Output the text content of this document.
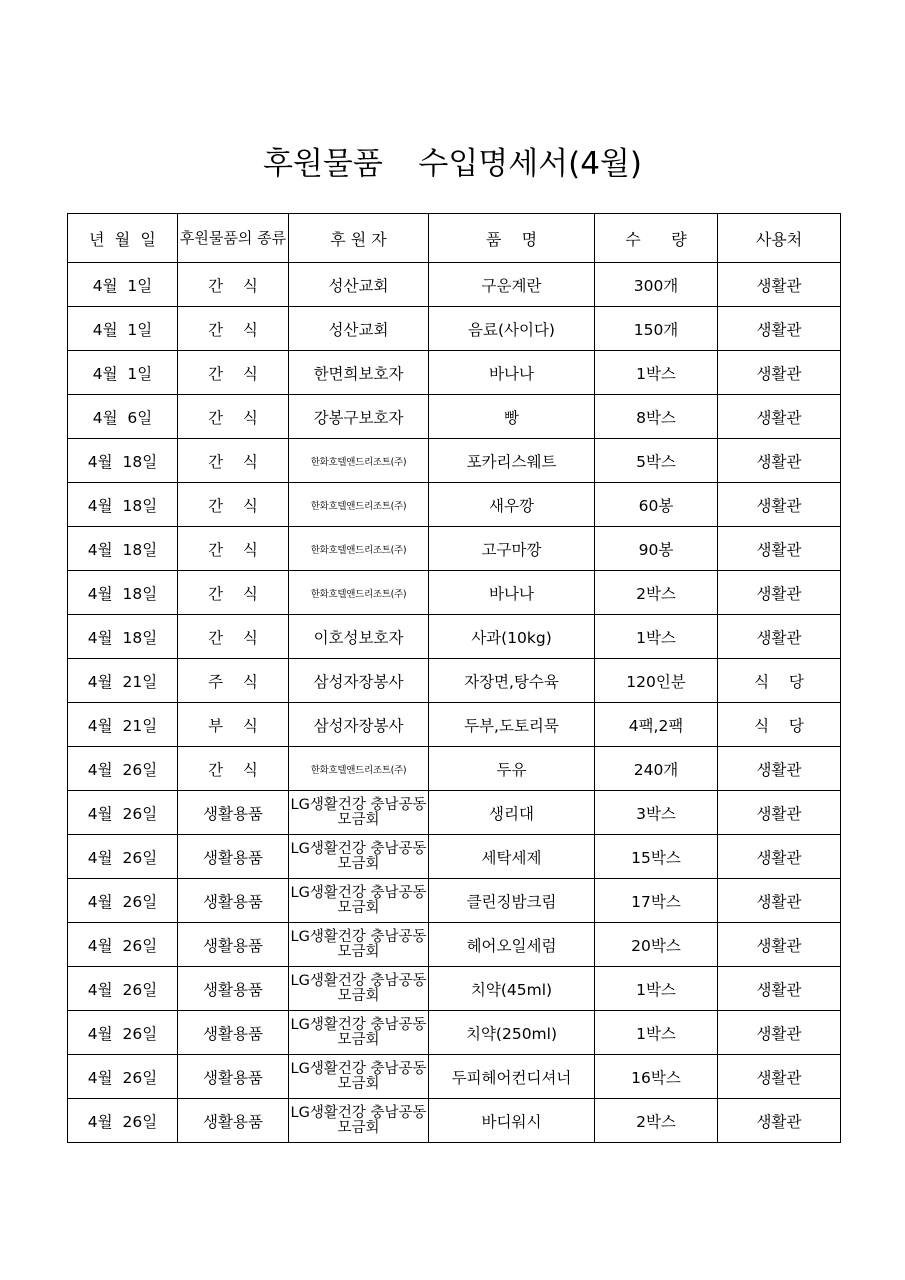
후원물품   수입명세서(4월)
년  월  일	후원물품의 종류	후 원 자	품    명	수      량	사용처
4월  1일	간    식	성산교회	구운계란	300개	생활관
4월  1일	간    식	성산교회	음료(사이다)	150개	생활관
4월  1일	간    식	한면희보호자	바나나	1박스	생활관
4월  6일	간    식	강봉구보호자	빵	8박스	생활관
4월  18일	간    식	한화호텔앤드리조트(주)	포카리스웨트	5박스	생활관
4월  18일	간    식	한화호텔앤드리조트(주)	새우깡	60봉	생활관
4월  18일	간    식	한화호텔앤드리조트(주)	고구마깡	90봉	생활관
4월  18일	간    식	한화호텔앤드리조트(주)	바나나	2박스	생활관
4월  18일	간    식	이호성보호자	사과(10kg)	1박스	생활관
4월  21일	주    식	삼성자장봉사	자장면,탕수육	120인분	식    당
4월  21일	부    식	삼성자장봉사	두부,도토리묵	4팩,2팩	식    당
4월  26일	간    식	한화호텔앤드리조트(주)	두유	240개	생활관
4월  26일	생활용품	LG생활건강 충남공동모금회	생리대	3박스	생활관
4월  26일	생활용품	LG생활건강 충남공동모금회	세탁세제	15박스	생활관
4월  26일	생활용품	LG생활건강 충남공동모금회	클린징밤크림	17박스	생활관
4월  26일	생활용품	LG생활건강 충남공동모금회	헤어오일세럼	20박스	생활관
4월  26일	생활용품	LG생활건강 충남공동모금회	치약(45ml)	1박스	생활관
4월  26일	생활용품	LG생활건강 충남공동모금회	치약(250ml)	1박스	생활관
4월  26일	생활용품	LG생활건강 충남공동모금회	두피헤어컨디셔너	16박스	생활관
4월  26일	생활용품	LG생활건강 충남공동모금회	바디워시	2박스	생활관
